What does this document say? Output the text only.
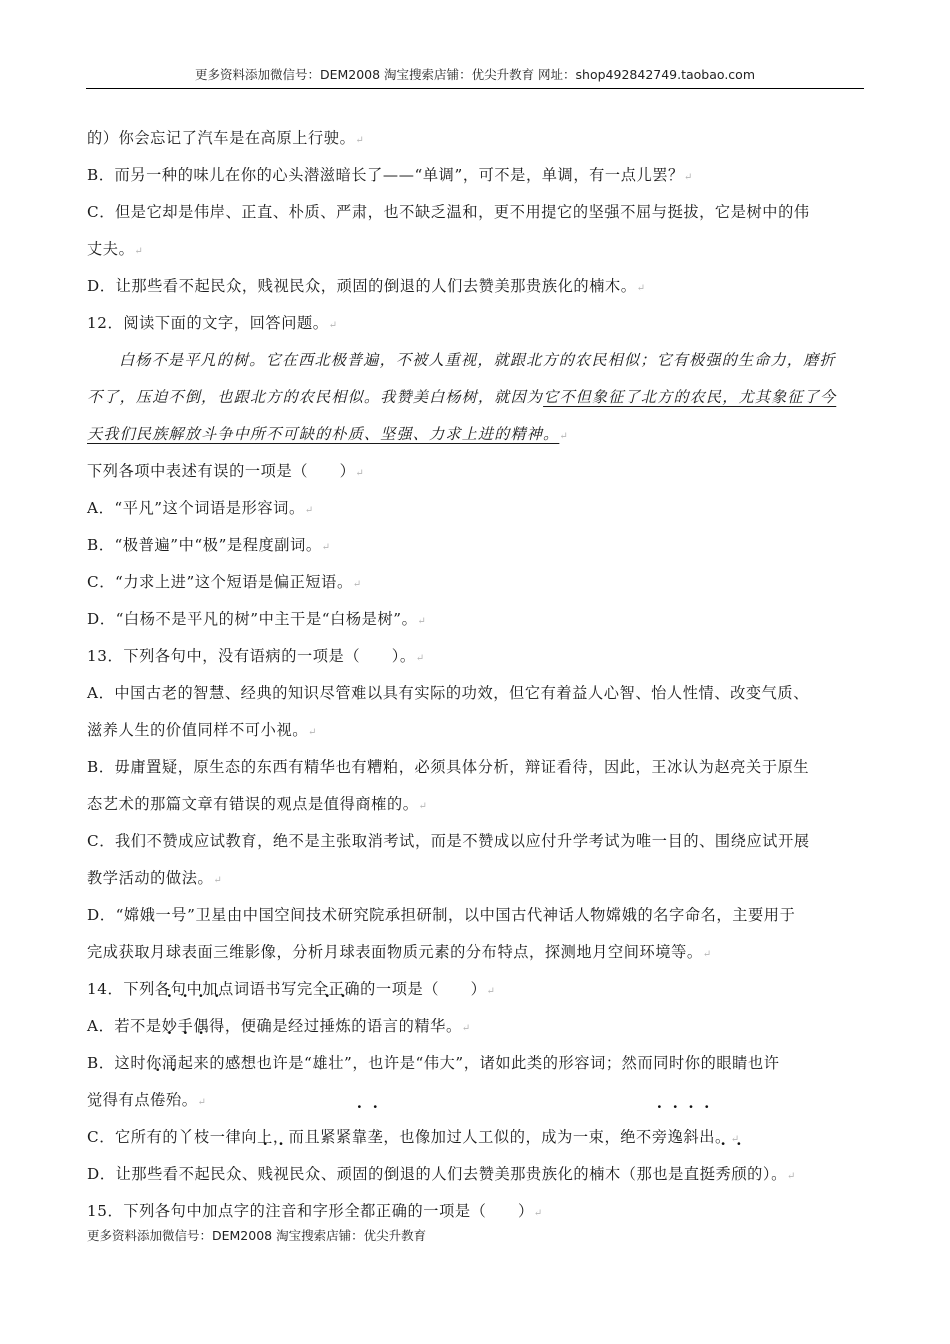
更多资料添加微信号：DEM2008 淘宝搜索店铺：优尖升教育 网址：shop492842749.taobao.com
的）你会忘记了汽车是在高原上行驶。↵
B．而另一种的味儿在你的心头潜滋暗长了——“单调”，可不是，单调，有一点儿罢？↵
C．但是它却是伟岸、正直、朴质、严肃，也不缺乏温和，更不用提它的坚强不屈与挺拔，它是树中的伟
丈夫。↵
D．让那些看不起民众，贱视民众，顽固的倒退的人们去赞美那贵族化的楠木。↵
12．阅读下面的文字，回答问题。↵
白杨不是平凡的树。它在西北极普遍，不被人重视，就跟北方的农民相似；它有极强的生命力，磨折
不了，压迫不倒，也跟北方的农民相似。我赞美白杨树，就因为它不但象征了北方的农民，尤其象征了今
天我们民族解放斗争中所不可缺的朴质、坚强、力求上进的精神。↵
下列各项中表述有误的一项是（　　）↵
A．“平凡”这个词语是形容词。↵
B．“极普遍”中“极”是程度副词。↵
C．“力求上进”这个短语是偏正短语。↵
D．“白杨不是平凡的树”中主干是“白杨是树”。↵
13．下列各句中，没有语病的一项是（　　）。↵
A．中国古老的智慧、经典的知识尽管难以具有实际的功效，但它有着益人心智、怡人性情、改变气质、
滋养人生的价值同样不可小视。↵
B．毋庸置疑，原生态的东西有精华也有糟粕，必须具体分析，辩证看待，因此，王冰认为赵亮关于原生
态艺术的那篇文章有错误的观点是值得商榷的。↵
C．我们不赞成应试教育，绝不是主张取消考试，而是不赞成以应付升学考试为唯一目的、围绕应试开展
教学活动的做法。↵
D．“嫦娥一号”卫星由中国空间技术研究院承担研制，以中国古代神话人物嫦娥的名字命名，主要用于
完成获取月球表面三维影像，分析月球表面物质元素的分布特点，探测地月空间环境等。↵
14．下列各句中加点词语书写完全正确的一项是（　　）↵
A．若不是妙手偶得，便确是经过捶炼的语言的精华。↵
B．这时你涌起来的感想也许是“雄壮”，也许是“伟大”，诸如此类的形容词；然而同时你的眼睛也许
觉得有点倦殆。↵
C．它所有的丫枝一律向上，而且紧紧靠垄，也像加过人工似的，成为一束，绝不旁逸斜出。↵
D．让那些看不起民众、贱视民众、顽固的倒退的人们去赞美那贵族化的楠木（那也是直挺秀颀的）。↵
15．下列各句中加点字的注音和字形全都正确的一项是（　　）↵
更多资料添加微信号：DEM2008 淘宝搜索店铺：优尖升教育
